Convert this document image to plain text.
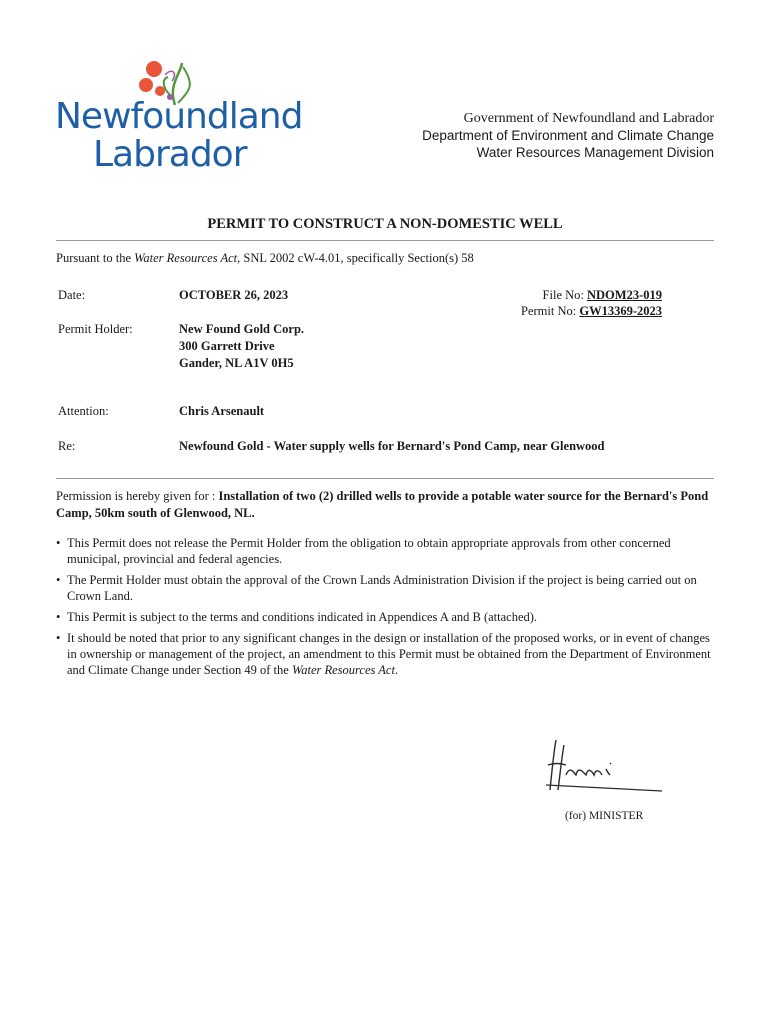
Newfoundland
Labrador
Government of Newfoundland and Labrador
Department of Environment and Climate Change
Water Resources Management Division
PERMIT TO CONSTRUCT A NON-DOMESTIC WELL
Pursuant to the Water Resources Act, SNL 2002 cW-4.01, specifically Section(s) 58
Date:	OCTOBER 26, 2023	File No: NDOM23-019
Permit No: GW13369-2023
Permit Holder:	New Found Gold Corp.
300 Garrett Drive
Gander, NL A1V 0H5
Attention:	Chris Arsenault
Re:	Newfound Gold - Water supply wells for Bernard's Pond Camp, near Glenwood
Permission is hereby given for : Installation of two (2) drilled wells to provide a potable water source for the Bernard's Pond Camp, 50km south of Glenwood, NL.
• This Permit does not release the Permit Holder from the obligation to obtain appropriate approvals from other concerned municipal, provincial and federal agencies.
• The Permit Holder must obtain the approval of the Crown Lands Administration Division if the project is being carried out on Crown Land.
• This Permit is subject to the terms and conditions indicated in Appendices A and B (attached).
• It should be noted that prior to any significant changes in the design or installation of the proposed works, or in event of changes in ownership or management of the project, an amendment to this Permit must be obtained from the Department of Environment and Climate Change under Section 49 of the Water Resources Act.
(for) MINISTER
